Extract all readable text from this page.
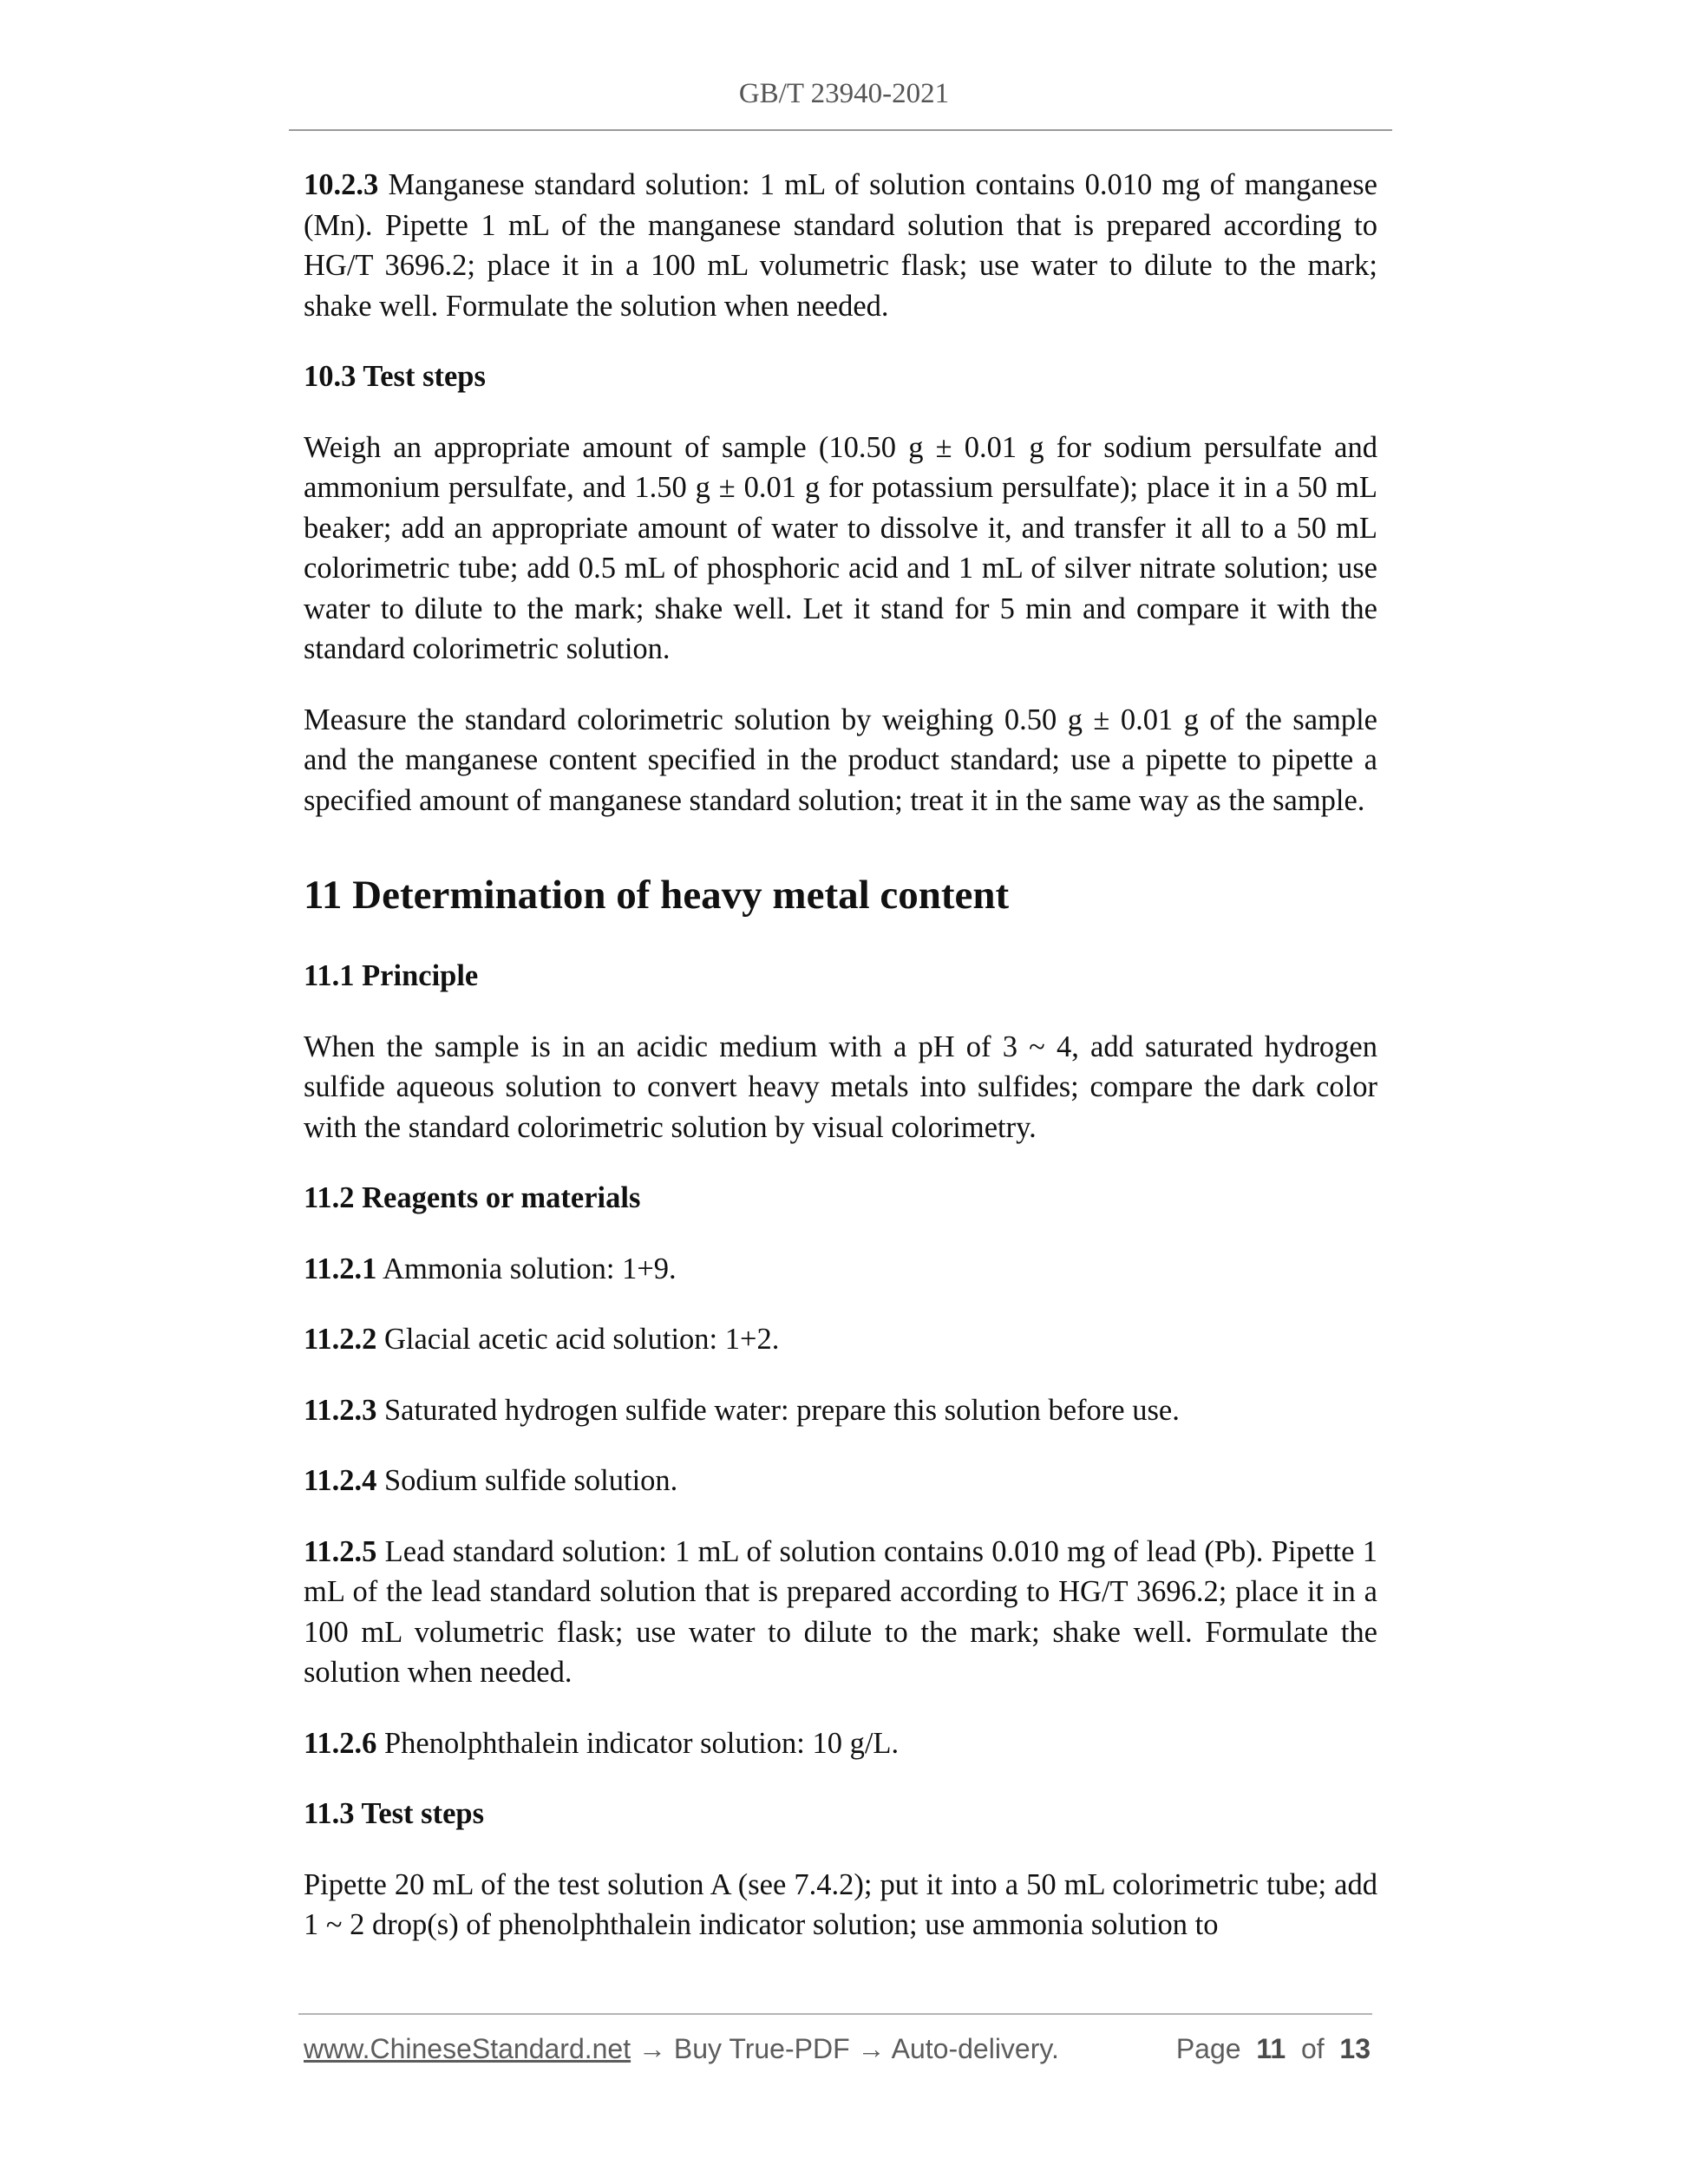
GB/T 23940-2021

10.2.3 Manganese standard solution: 1 mL of solution contains 0.010 mg of manganese (Mn). Pipette 1 mL of the manganese standard solution that is prepared according to HG/T 3696.2; place it in a 100 mL volumetric flask; use water to dilute to the mark; shake well. Formulate the solution when needed.

10.3 Test steps

Weigh an appropriate amount of sample (10.50 g ± 0.01 g for sodium persulfate and ammonium persulfate, and 1.50 g ± 0.01 g for potassium persulfate); place it in a 50 mL beaker; add an appropriate amount of water to dissolve it, and transfer it all to a 50 mL colorimetric tube; add 0.5 mL of phosphoric acid and 1 mL of silver nitrate solution; use water to dilute to the mark; shake well. Let it stand for 5 min and compare it with the standard colorimetric solution.

Measure the standard colorimetric solution by weighing 0.50 g ± 0.01 g of the sample and the manganese content specified in the product standard; use a pipette to pipette a specified amount of manganese standard solution; treat it in the same way as the sample.

11 Determination of heavy metal content
11.1 Principle

When the sample is in an acidic medium with a pH of 3 ~ 4, add saturated hydrogen sulfide aqueous solution to convert heavy metals into sulfides; compare the dark color with the standard colorimetric solution by visual colorimetry.

11.2 Reagents or materials

11.2.1 Ammonia solution: 1+9.

11.2.2 Glacial acetic acid solution: 1+2.

11.2.3 Saturated hydrogen sulfide water: prepare this solution before use.

11.2.4 Sodium sulfide solution.

11.2.5 Lead standard solution: 1 mL of solution contains 0.010 mg of lead (Pb). Pipette 1 mL of the lead standard solution that is prepared according to HG/T 3696.2; place it in a 100 mL volumetric flask; use water to dilute to the mark; shake well. Formulate the solution when needed.

11.2.6 Phenolphthalein indicator solution: 10 g/L.

11.3 Test steps

Pipette 20 mL of the test solution A (see 7.4.2); put it into a 50 mL colorimetric tube; add 1 ~ 2 drop(s) of phenolphthalein indicator solution; use ammonia solution to

www.ChineseStandard.net → Buy True-PDF → Auto-delivery.	Page 11 of 13
